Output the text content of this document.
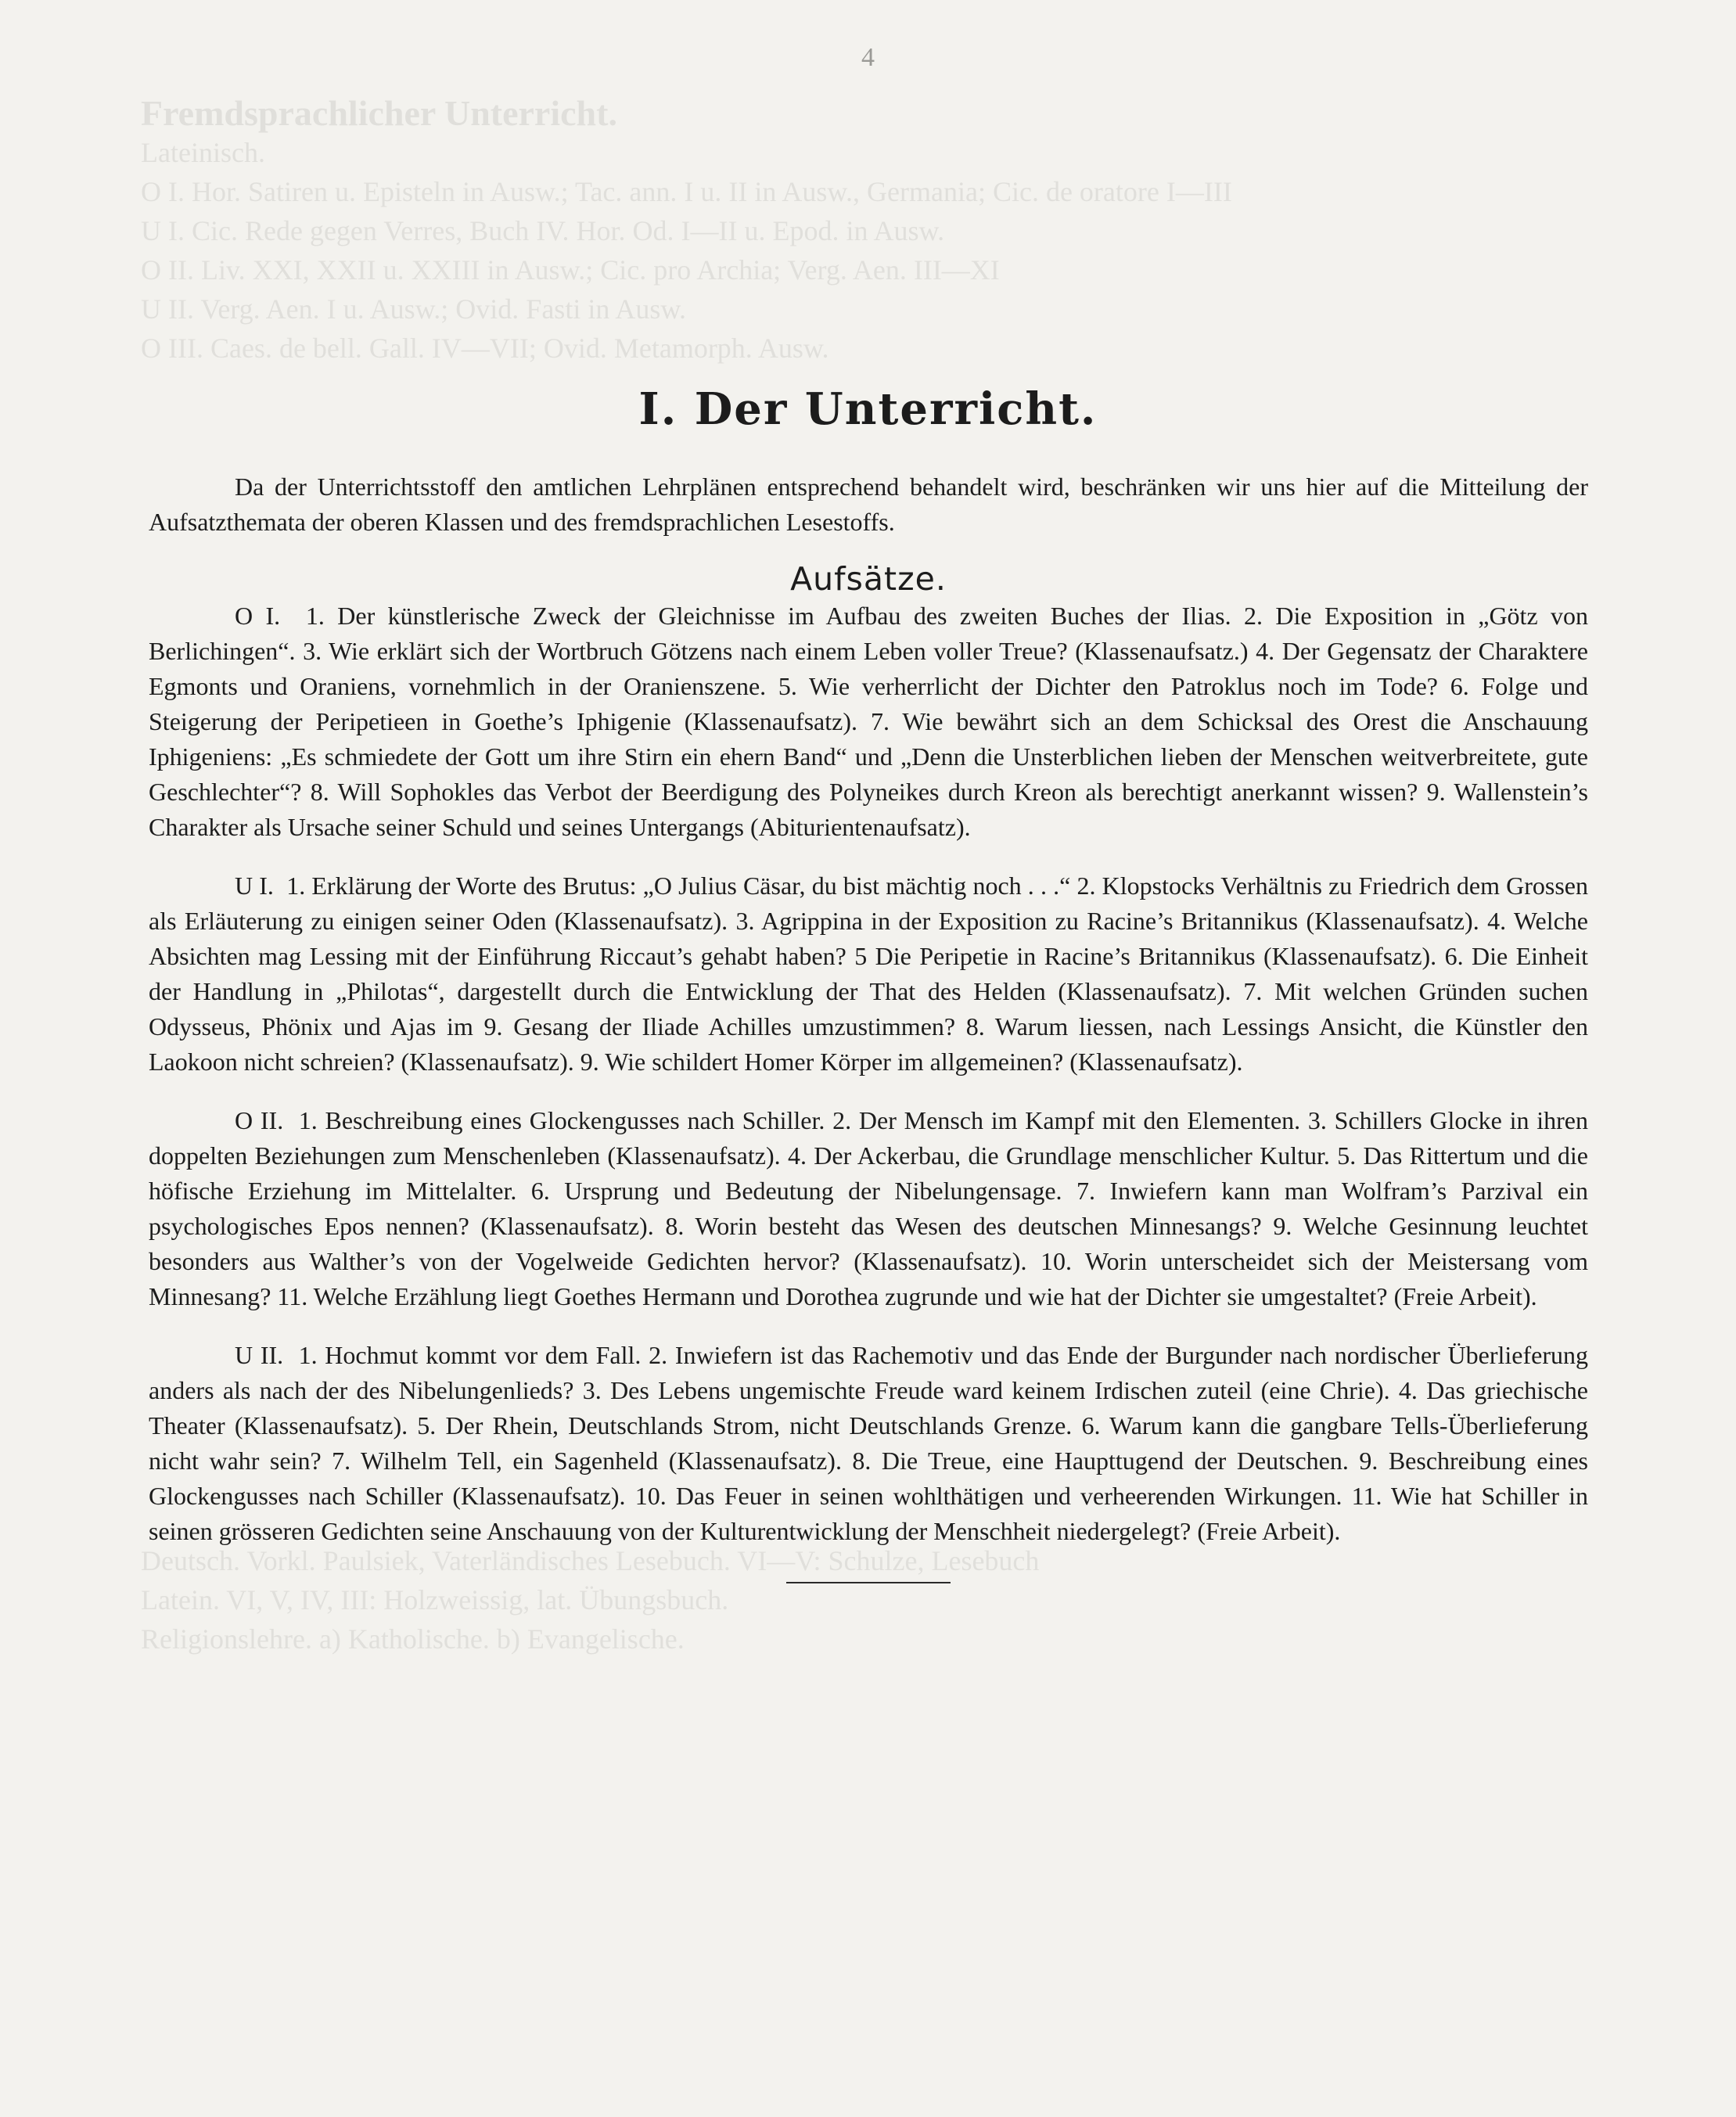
4
Fremdsprachlicher Unterricht.
Lateinisch.
O I. Hor. Satiren u. Episteln in Ausw.; Tac. ann. I u. II in Ausw., Germania; Cic. de oratore I—III
U I. Cic. Rede gegen Verres, Buch IV. Hor. Od. I—II u. Epod. in Ausw.
O II. Liv. XXI, XXII u. XXIII in Ausw.; Cic. pro Archia; Verg. Aen. III—XI
U II. Verg. Aen. I u. Ausw.; Ovid. Fasti in Ausw.
O III. Caes. de bell. Gall. IV—VII; Ovid. Metamorph. Ausw.
Deutsch. Vorkl. Paulsiek, Vaterländisches Lesebuch. VI—V: Schulze, Lesebuch
Latein. VI, V, IV, III: Holzweissig, lat. Übungsbuch.
Religionslehre. a) Katholische. b) Evangelische.
I. Der Unterricht.

Da der Unterrichtsstoff den amtlichen Lehrplänen entsprechend behandelt wird, beschränken wir uns hier auf die Mitteilung der Aufsatzthemata der oberen Klassen und des fremdsprachlichen Lesestoffs.

Aufsätze.

O I. 1. Der künstlerische Zweck der Gleichnisse im Aufbau des zweiten Buches der Ilias. 2. Die Exposition in „Götz von Berlichingen“. 3. Wie erklärt sich der Wortbruch Götzens nach einem Leben voller Treue? (Klassenaufsatz.) 4. Der Gegensatz der Charaktere Egmonts und Oraniens, vornehmlich in der Oranienszene. 5. Wie verherrlicht der Dichter den Patroklus noch im Tode? 6. Folge und Steigerung der Peripetieen in Goethe’s Iphigenie (Klassenaufsatz). 7. Wie bewährt sich an dem Schicksal des Orest die Anschauung Iphigeniens: „Es schmiedete der Gott um ihre Stirn ein ehern Band“ und „Denn die Unsterblichen lieben der Menschen weitverbreitete, gute Geschlechter“? 8. Will Sophokles das Verbot der Beerdigung des Polyneikes durch Kreon als berechtigt anerkannt wissen? 9. Wallenstein’s Charakter als Ursache seiner Schuld und seines Untergangs (Abiturientenaufsatz).

U I. 1. Erklärung der Worte des Brutus: „O Julius Cäsar, du bist mächtig noch . . .“ 2. Klopstocks Verhältnis zu Friedrich dem Grossen als Erläuterung zu einigen seiner Oden (Klassenaufsatz). 3. Agrippina in der Exposition zu Racine’s Britannikus (Klassenaufsatz). 4. Welche Absichten mag Lessing mit der Einführung Riccaut’s gehabt haben? 5 Die Peripetie in Racine’s Britannikus (Klassenaufsatz). 6. Die Einheit der Handlung in „Philotas“, dargestellt durch die Entwicklung der That des Helden (Klassenaufsatz). 7. Mit welchen Gründen suchen Odysseus, Phönix und Ajas im 9. Gesang der Iliade Achilles umzustimmen? 8. Warum liessen, nach Lessings Ansicht, die Künstler den Laokoon nicht schreien? (Klassenaufsatz). 9. Wie schildert Homer Körper im allgemeinen? (Klassenaufsatz).

O II. 1. Beschreibung eines Glockengusses nach Schiller. 2. Der Mensch im Kampf mit den Elementen. 3. Schillers Glocke in ihren doppelten Beziehungen zum Menschenleben (Klassenaufsatz). 4. Der Ackerbau, die Grundlage menschlicher Kultur. 5. Das Rittertum und die höfische Erziehung im Mittelalter. 6. Ursprung und Bedeutung der Nibelungensage. 7. Inwiefern kann man Wolfram’s Parzival ein psychologisches Epos nennen? (Klassenaufsatz). 8. Worin besteht das Wesen des deutschen Minnesangs? 9. Welche Gesinnung leuchtet besonders aus Walther’s von der Vogelweide Gedichten hervor? (Klassenaufsatz). 10. Worin unterscheidet sich der Meistersang vom Minnesang? 11. Welche Erzählung liegt Goethes Hermann und Dorothea zugrunde und wie hat der Dichter sie umgestaltet? (Freie Arbeit).

U II. 1. Hochmut kommt vor dem Fall. 2. Inwiefern ist das Rachemotiv und das Ende der Burgunder nach nordischer Überlieferung anders als nach der des Nibelungenlieds? 3. Des Lebens ungemischte Freude ward keinem Irdischen zuteil (eine Chrie). 4. Das griechische Theater (Klassenaufsatz). 5. Der Rhein, Deutschlands Strom, nicht Deutschlands Grenze. 6. Warum kann die gangbare Tells-Überlieferung nicht wahr sein? 7. Wilhelm Tell, ein Sagenheld (Klassenaufsatz). 8. Die Treue, eine Haupttugend der Deutschen. 9. Beschreibung eines Glockengusses nach Schiller (Klassenaufsatz). 10. Das Feuer in seinen wohlthätigen und verheerenden Wirkungen. 11. Wie hat Schiller in seinen grösseren Gedichten seine Anschauung von der Kulturentwicklung der Menschheit niedergelegt? (Freie Arbeit).
